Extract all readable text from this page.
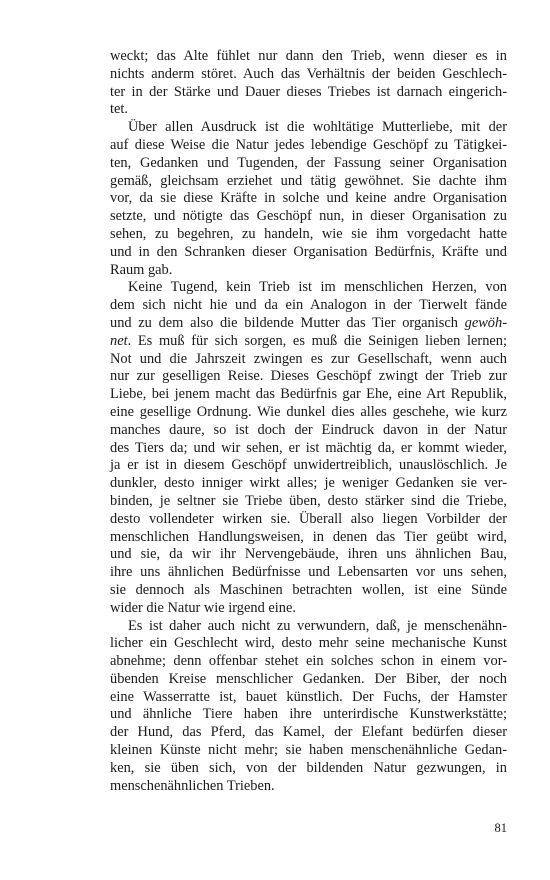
weckt; das Alte fühlet nur dann den Trieb, wenn dieser es in
nichts anderm störet. Auch das Verhältnis der beiden Geschlech-
ter in der Stärke und Dauer dieses Triebes ist darnach eingerich-
tet.
Über allen Ausdruck ist die wohltätige Mutterliebe, mit der
auf diese Weise die Natur jedes lebendige Geschöpf zu Tätigkei-
ten, Gedanken und Tugenden, der Fassung seiner Organisation
gemäß, gleichsam erziehet und tätig gewöhnet. Sie dachte ihm
vor, da sie diese Kräfte in solche und keine andre Organisation
setzte, und nötigte das Geschöpf nun, in dieser Organisation zu
sehen, zu begehren, zu handeln, wie sie ihm vorgedacht hatte
und in den Schranken dieser Organisation Bedürfnis, Kräfte und
Raum gab.
Keine Tugend, kein Trieb ist im menschlichen Herzen, von
dem sich nicht hie und da ein Analogon in der Tierwelt fände
und zu dem also die bildende Mutter das Tier organisch gewöh-
net. Es muß für sich sorgen, es muß die Seinigen lieben lernen;
Not und die Jahrszeit zwingen es zur Gesellschaft, wenn auch
nur zur geselligen Reise. Dieses Geschöpf zwingt der Trieb zur
Liebe, bei jenem macht das Bedürfnis gar Ehe, eine Art Republik,
eine gesellige Ordnung. Wie dunkel dies alles geschehe, wie kurz
manches daure, so ist doch der Eindruck davon in der Natur
des Tiers da; und wir sehen, er ist mächtig da, er kommt wieder,
ja er ist in diesem Geschöpf unwidertreiblich, unauslöschlich. Je
dunkler, desto inniger wirkt alles; je weniger Gedanken sie ver-
binden, je seltner sie Triebe üben, desto stärker sind die Triebe,
desto vollendeter wirken sie. Überall also liegen Vorbilder der
menschlichen Handlungsweisen, in denen das Tier geübt wird,
und sie, da wir ihr Nervengebäude, ihren uns ähnlichen Bau,
ihre uns ähnlichen Bedürfnisse und Lebensarten vor uns sehen,
sie dennoch als Maschinen betrachten wollen, ist eine Sünde
wider die Natur wie irgend eine.
Es ist daher auch nicht zu verwundern, daß, je menschenähn-
licher ein Geschlecht wird, desto mehr seine mechanische Kunst
abnehme; denn offenbar stehet ein solches schon in einem vor-
übenden Kreise menschlicher Gedanken. Der Biber, der noch
eine Wasserratte ist, bauet künstlich. Der Fuchs, der Hamster
und ähnliche Tiere haben ihre unterirdische Kunstwerkstätte;
der Hund, das Pferd, das Kamel, der Elefant bedürfen dieser
kleinen Künste nicht mehr; sie haben menschenähnliche Gedan-
ken, sie üben sich, von der bildenden Natur gezwungen, in
menschenähnlichen Trieben.
81
